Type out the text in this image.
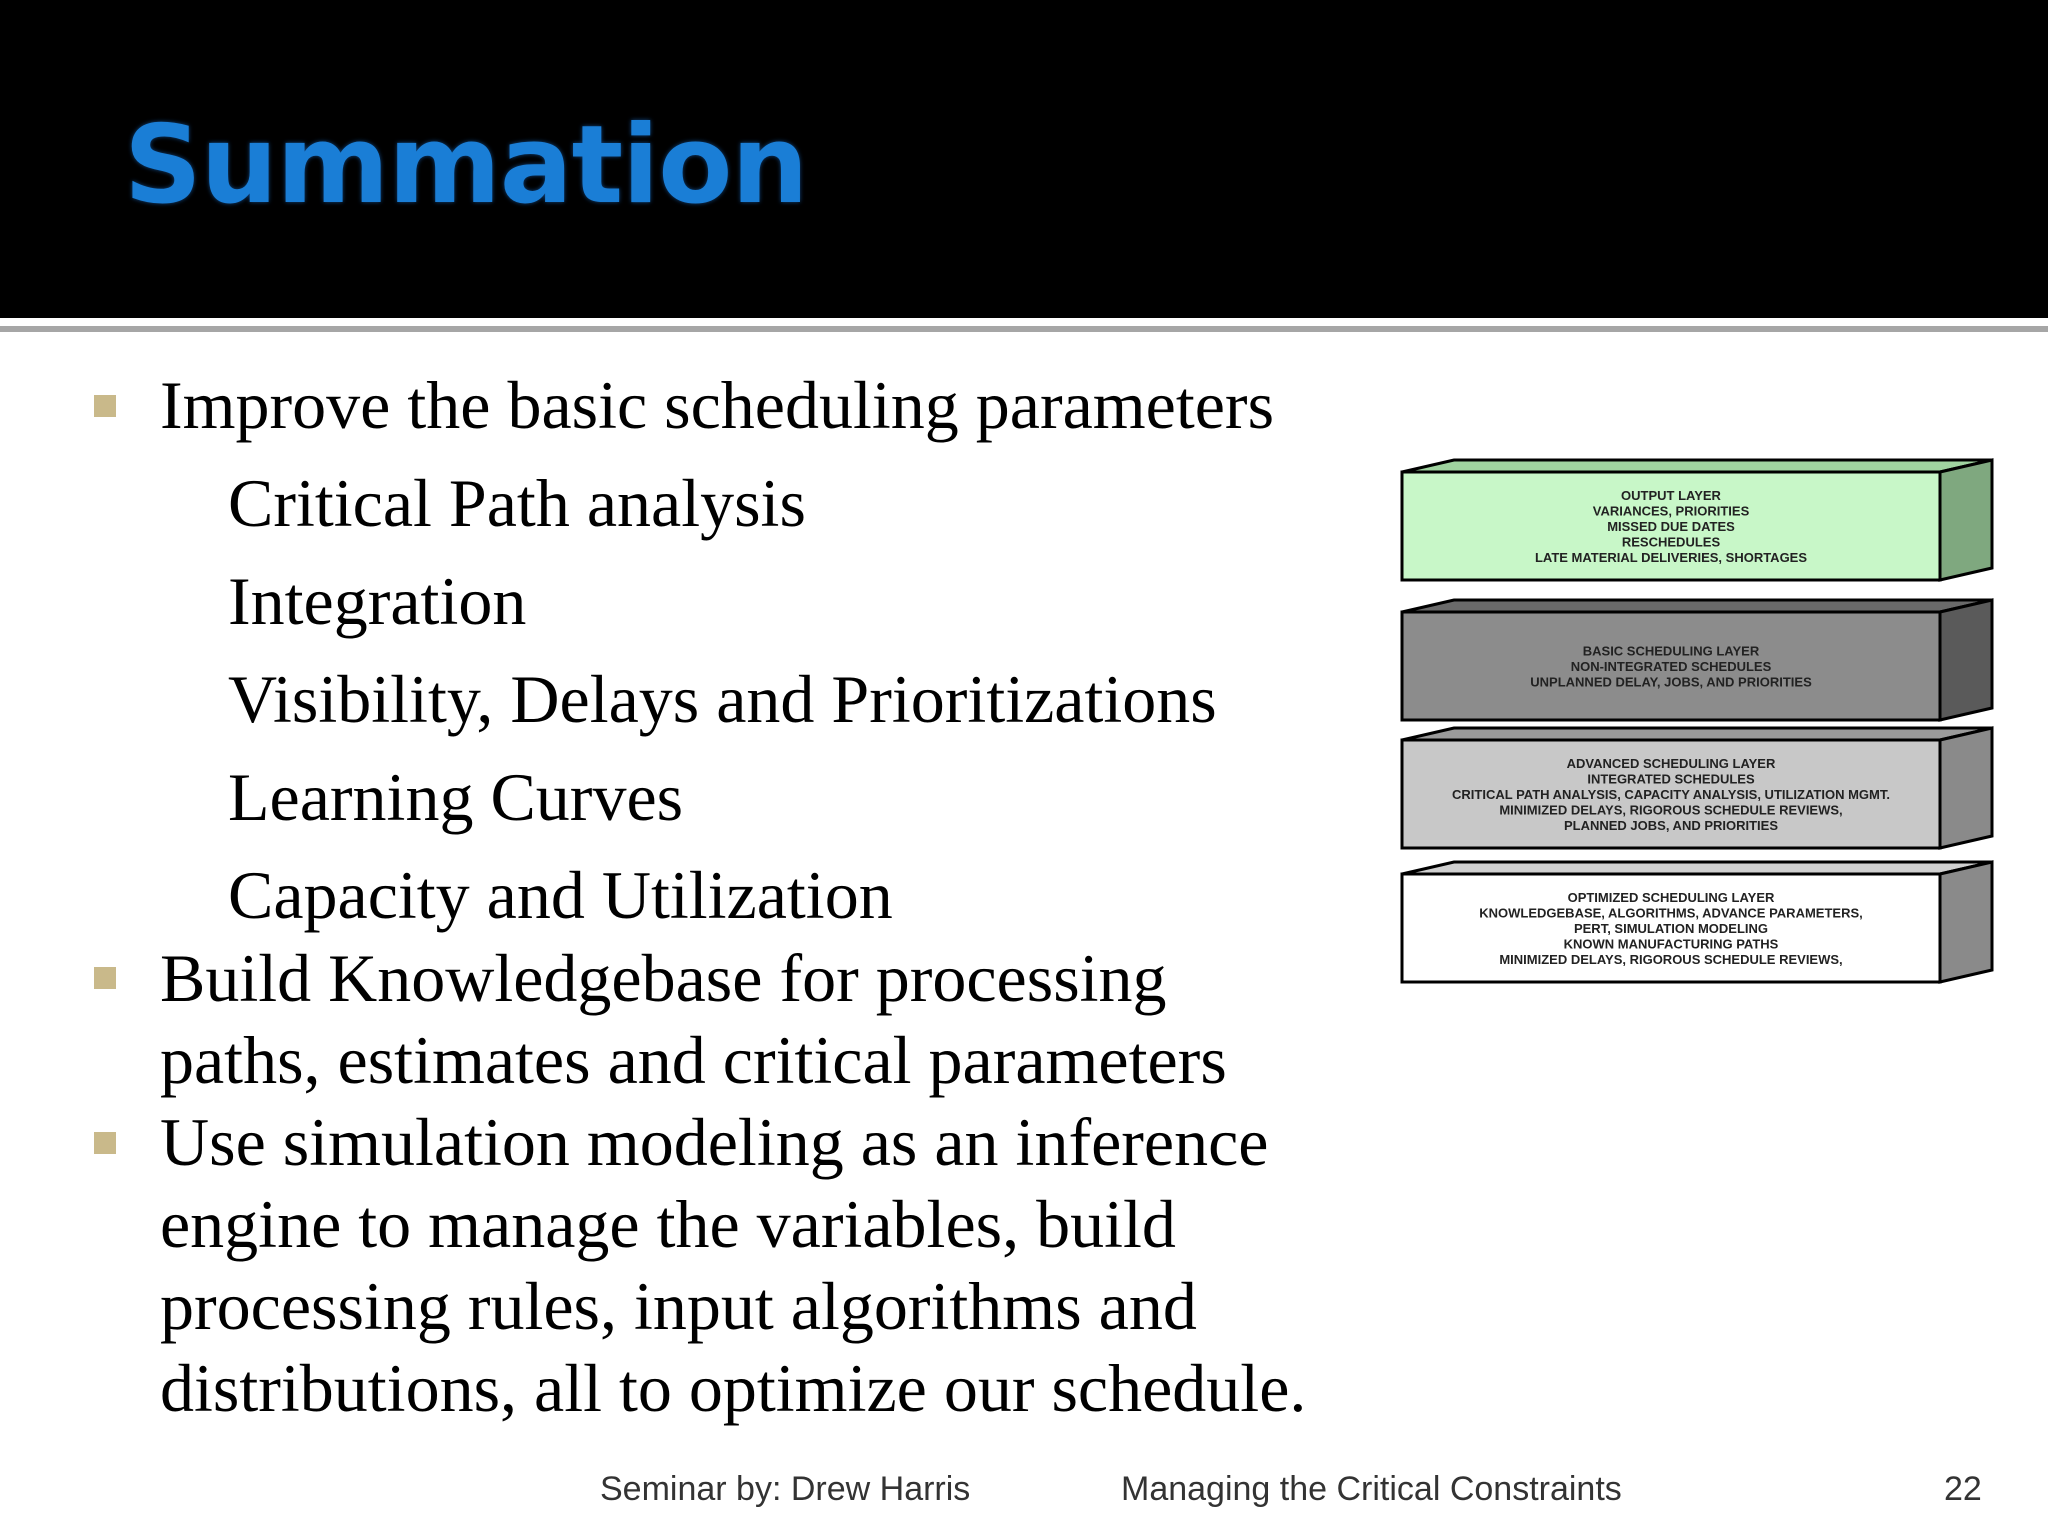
Summation
Improve the basic scheduling parameters
Critical Path analysis
Integration
Visibility, Delays and Prioritizations
Learning Curves
Capacity and Utilization
Build Knowledgebase for processing
paths, estimates and critical parameters
Use simulation modeling as an inference
engine to manage the variables, build
processing rules, input algorithms and
distributions, all to optimize our schedule.
OUTPUT LAYER
VARIANCES, PRIORITIES
MISSED DUE DATES
RESCHEDULES
LATE MATERIAL DELIVERIES, SHORTAGES
BASIC SCHEDULING LAYER
NON-INTEGRATED SCHEDULES
UNPLANNED DELAY, JOBS, AND PRIORITIES
ADVANCED SCHEDULING LAYER
INTEGRATED SCHEDULES
CRITICAL PATH ANALYSIS, CAPACITY ANALYSIS, UTILIZATION MGMT.
MINIMIZED DELAYS, RIGOROUS SCHEDULE REVIEWS,
PLANNED JOBS, AND PRIORITIES
OPTIMIZED SCHEDULING LAYER
KNOWLEDGEBASE, ALGORITHMS, ADVANCE PARAMETERS,
PERT, SIMULATION MODELING
KNOWN MANUFACTURING PATHS
MINIMIZED DELAYS, RIGOROUS SCHEDULE REVIEWS,
Seminar by: Drew Harris	Managing the Critical Constraints	22
